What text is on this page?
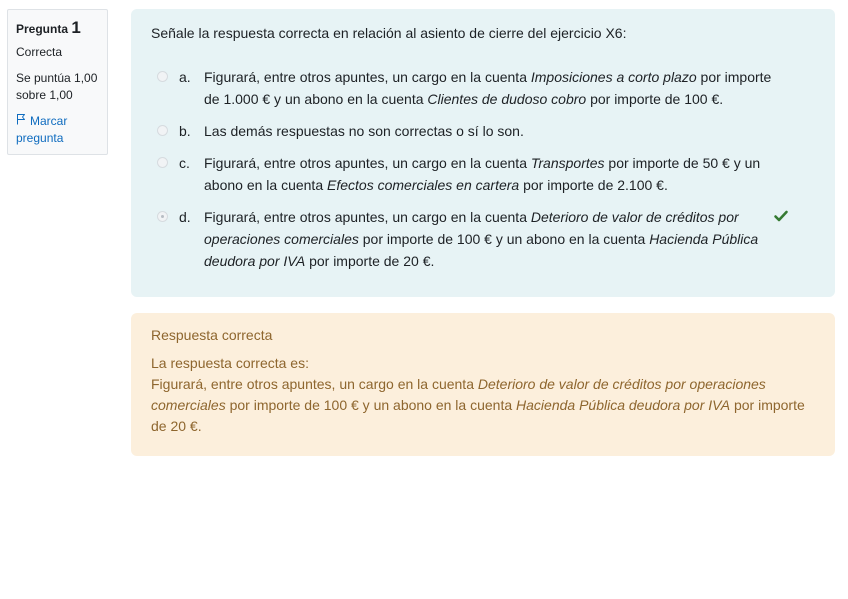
Pregunta 1
Correcta
Se puntúa 1,00 sobre 1,00
Marcar pregunta
Señale la respuesta correcta en relación al asiento de cierre del ejercicio X6:
a. Figurará, entre otros apuntes, un cargo en la cuenta Imposiciones a corto plazo por importe de 1.000 € y un abono en la cuenta Clientes de dudoso cobro por importe de 100 €.
b. Las demás respuestas no son correctas o sí lo son.
c.	Figurará, entre otros apuntes, un cargo en la cuenta Transportes por importe de 50 € y un abono en la cuenta Efectos comerciales en cartera por importe de 2.100 €.
d. Figurará, entre otros apuntes, un cargo en la cuenta Deterioro de valor de créditos por operaciones comerciales por importe de 100 € y un abono en la cuenta Hacienda Pública deudora por IVA por importe de 20 €.
Respuesta correcta
La respuesta correcta es:
Figurará, entre otros apuntes, un cargo en la cuenta Deterioro de valor de créditos por operaciones comerciales por importe de 100 € y un abono en la cuenta Hacienda Pública deudora por IVA por importe de 20 €.
